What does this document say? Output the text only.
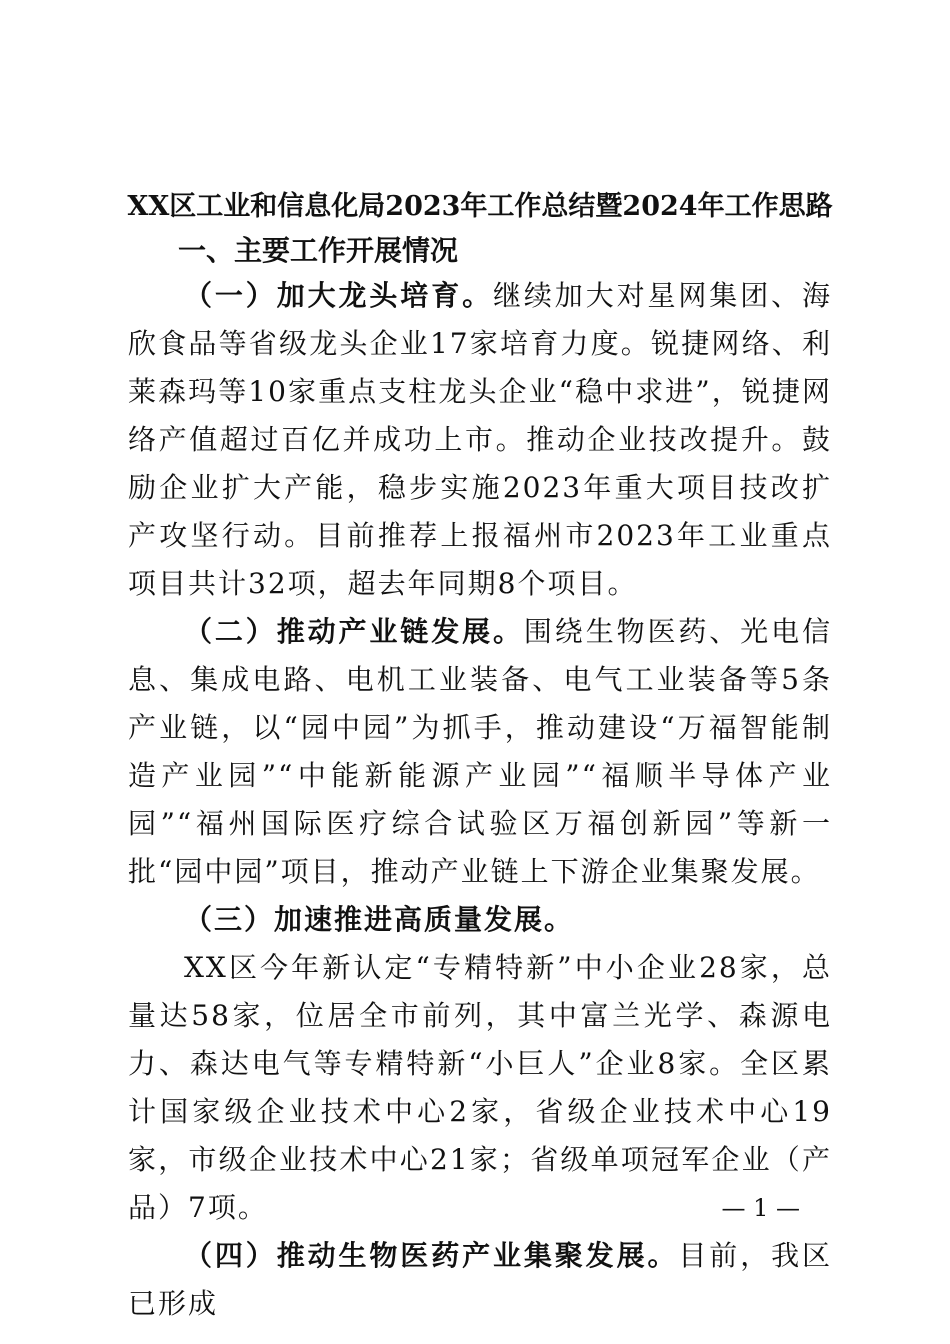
XX区工业和信息化局2023年工作总结暨2024年工作思路
一、主要工作开展情况

（一）加大龙头培育。继续加大对星网集团、海欣食品等省级龙头企业17家培育力度。锐捷网络、利莱森玛等10家重点支柱龙头企业“稳中求进”，锐捷网络产值超过百亿并成功上市。推动企业技改提升。鼓励企业扩大产能，稳步实施2023年重大项目技改扩产攻坚行动。目前推荐上报福州市2023年工业重点项目共计32项，超去年同期8个项目。

（二）推动产业链发展。围绕生物医药、光电信息、集成电路、电机工业装备、电气工业装备等5条产业链，以“园中园”为抓手，推动建设“万福智能制造产业园”“中能新能源产业园”“福顺半导体产业园”“福州国际医疗综合试验区万福创新园”等新一批“园中园”项目，推动产业链上下游企业集聚发展。

（三）加速推进高质量发展。

XX区今年新认定“专精特新”中小企业28家，总量达58家，位居全市前列，其中富兰光学、森源电力、森达电气等专精特新“小巨人”企业8家。全区累计国家级企业技术中心2家，省级企业技术中心19家，市级企业技术中心21家；省级单项冠军企业（产品）7项。

（四）推动生物医药产业集聚发展。目前，我区已形成

— 1 —
